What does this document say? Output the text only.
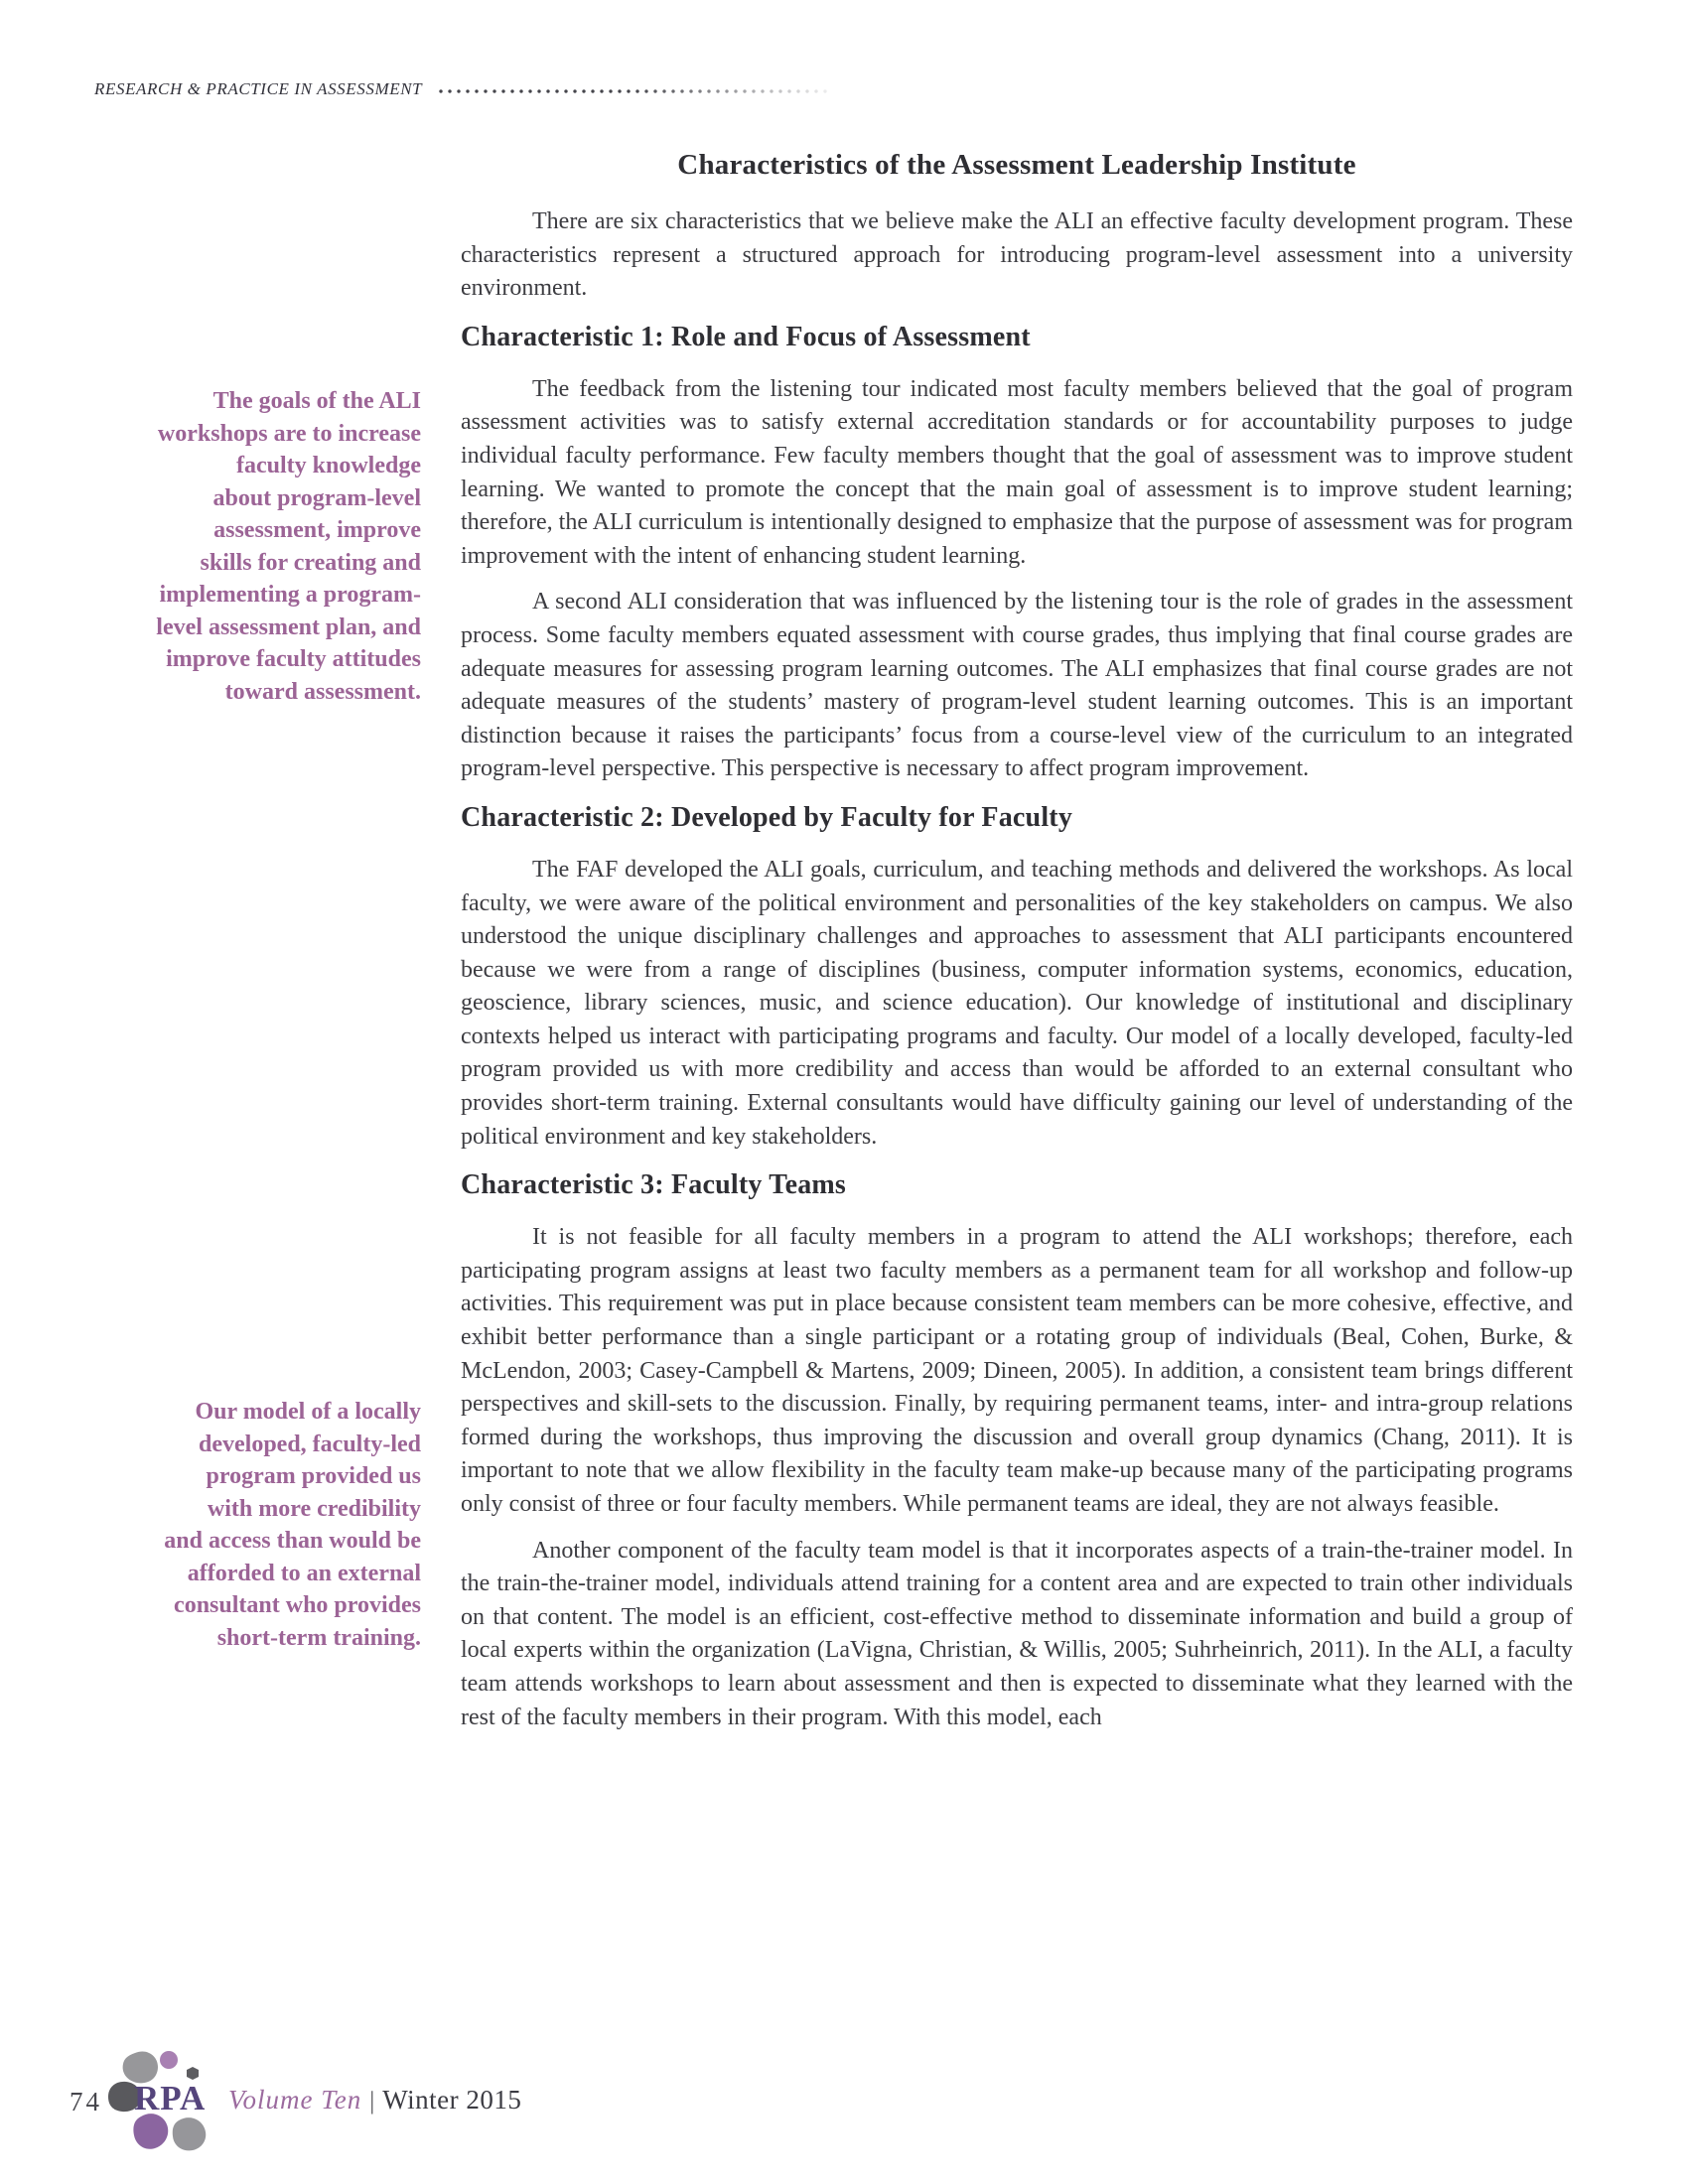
RESEARCH & PRACTICE IN ASSESSMENT
The goals of the ALI
workshops are to increase
faculty knowledge
about program-level
assessment, improve
skills for creating and
implementing a program-
level assessment plan, and
improve faculty attitudes
toward assessment.
Our model of a locally
developed, faculty-led
program provided us
with more credibility
and access than would be
afforded to an external
consultant who provides
short-term training.
Characteristics of the Assessment Leadership Institute

There are six characteristics that we believe make the ALI an effective faculty development program. These characteristics represent a structured approach for introducing program-level assessment into a university environment.

Characteristic 1: Role and Focus of Assessment

The feedback from the listening tour indicated most faculty members believed that the goal of program assessment activities was to satisfy external accreditation standards or for accountability purposes to judge individual faculty performance. Few faculty members thought that the goal of assessment was to improve student learning. We wanted to promote the concept that the main goal of assessment is to improve student learning; therefore, the ALI curriculum is intentionally designed to emphasize that the purpose of assessment was for program improvement with the intent of enhancing student learning.

A second ALI consideration that was influenced by the listening tour is the role of grades in the assessment process. Some faculty members equated assessment with course grades, thus implying that final course grades are adequate measures for assessing program learning outcomes. The ALI emphasizes that final course grades are not adequate measures of the students’ mastery of program-level student learning outcomes. This is an important distinction because it raises the participants’ focus from a course-level view of the curriculum to an integrated program-level perspective. This perspective is necessary to affect program improvement.

Characteristic 2: Developed by Faculty for Faculty

The FAF developed the ALI goals, curriculum, and teaching methods and delivered the workshops. As local faculty, we were aware of the political environment and personalities of the key stakeholders on campus. We also understood the unique disciplinary challenges and approaches to assessment that ALI participants encountered because we were from a range of disciplines (business, computer information systems, economics, education, geoscience, library sciences, music, and science education). Our knowledge of institutional and disciplinary contexts helped us interact with participating programs and faculty. Our model of a locally developed, faculty-led program provided us with more credibility and access than would be afforded to an external consultant who provides short-term training. External consultants would have difficulty gaining our level of understanding of the political environment and key stakeholders.

Characteristic 3: Faculty Teams

It is not feasible for all faculty members in a program to attend the ALI workshops; therefore, each participating program assigns at least two faculty members as a permanent team for all workshop and follow-up activities. This requirement was put in place because consistent team members can be more cohesive, effective, and exhibit better performance than a single participant or a rotating group of individuals (Beal, Cohen, Burke, & McLendon, 2003; Casey-Campbell & Martens, 2009; Dineen, 2005). In addition, a consistent team brings different perspectives and skill-sets to the discussion. Finally, by requiring permanent teams, inter- and intra-group relations formed during the workshops, thus improving the discussion and overall group dynamics (Chang, 2011). It is important to note that we allow flexibility in the faculty team make-up because many of the participating programs only consist of three or four faculty members. While permanent teams are ideal, they are not always feasible.

Another component of the faculty team model is that it incorporates aspects of a train-the-trainer model. In the train-the-trainer model, individuals attend training for a content area and are expected to train other individuals on that content. The model is an efficient, cost-effective method to disseminate information and build a group of local experts within the organization (LaVigna, Christian, & Willis, 2005; Suhrheinrich, 2011). In the ALI, a faculty team attends workshops to learn about assessment and then is expected to disseminate what they learned with the rest of the faculty members in their program. With this model, each

74 RPA Volume Ten | Winter 2015
